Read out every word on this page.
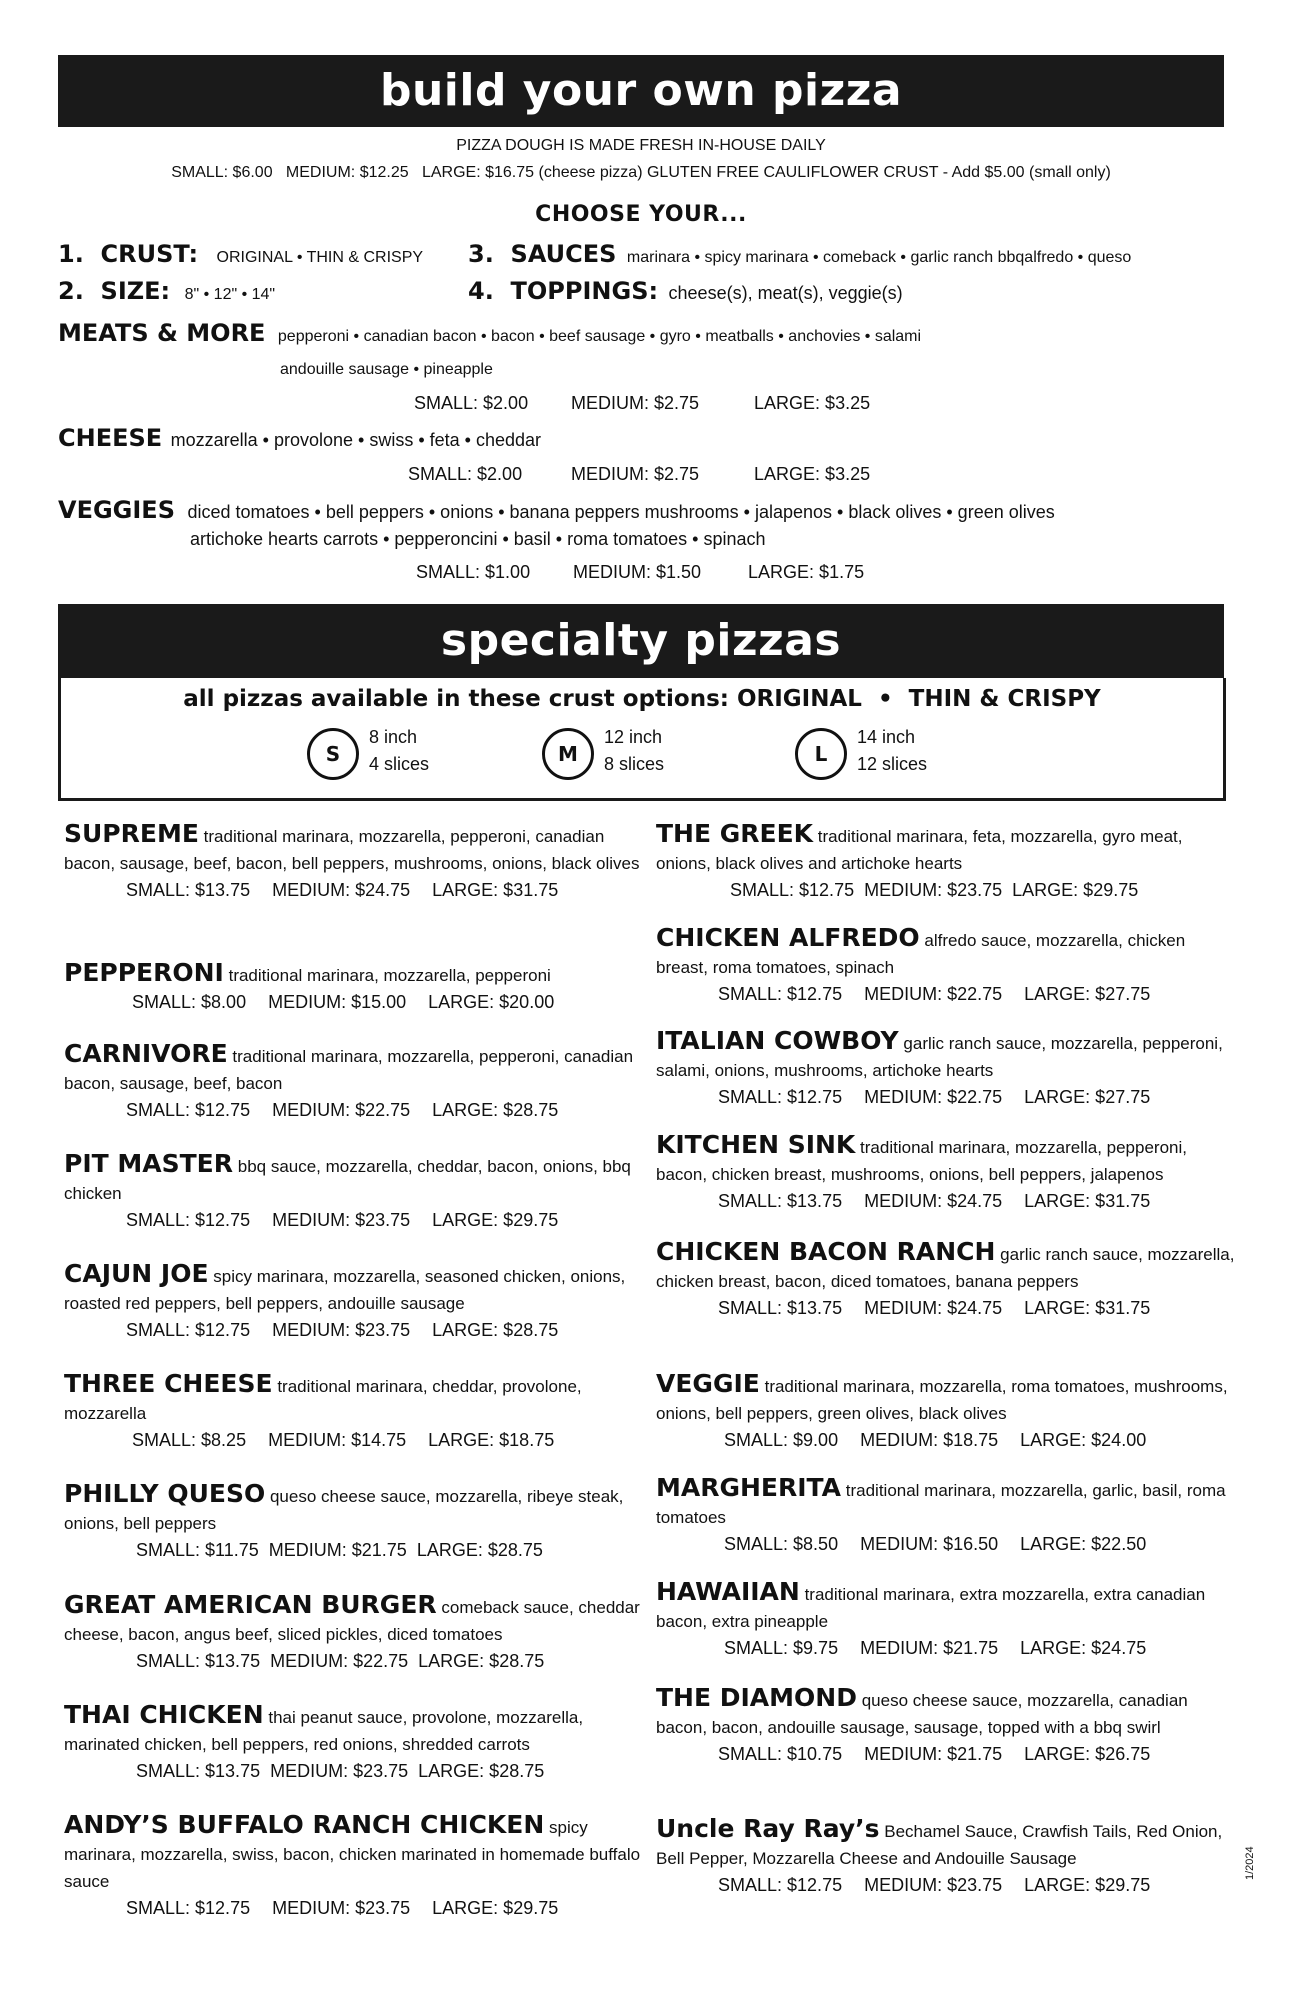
build your own pizza
PIZZA DOUGH IS MADE FRESH IN-HOUSE DAILY
SMALL: $6.00   MEDIUM: $12.25   LARGE: $16.75 (cheese pizza) GLUTEN FREE CAULIFLOWER CRUST - Add $5.00 (small only)
CHOOSE YOUR...
1.  CRUST: ORIGINAL • THIN & CRISPY 3.  SAUCES marinara • spicy marinara • comeback • garlic ranch bbqalfredo • queso
2.  SIZE: 8" • 12" • 14"	4.  TOPPINGS: cheese(s), meat(s), veggie(s)
MEATS & MORE pepperoni • canadian bacon • bacon • beef sausage • gyro • meatballs • anchovies • salami
andouille sausage • pineapple
SMALL: $2.00 MEDIUM: $2.75	LARGE: $3.25
CHEESE mozzarella • provolone • swiss • feta • cheddar
SMALL: $2.00	MEDIUM: $2.75	LARGE: $3.25
VEGGIES diced tomatoes • bell peppers • onions • banana peppers mushrooms • jalapenos • black olives • green olives
artichoke hearts carrots • pepperoncini • basil • roma tomatoes • spinach
SMALL: $1.00 MEDIUM: $1.50	LARGE: $1.75
specialty pizzas
all pizzas available in these crust options: ORIGINAL  •  THIN & CRISPY
S
8 inch
4 slices	M
12 inch
8 slices	L
14 inch
12 slices
SUPREME traditional marinara, mozzarella, pepperoni, canadian bacon, sausage, beef, bacon, bell peppers, mushrooms, onions, black olives
SMALL: $13.75 MEDIUM: $24.75 LARGE: $31.75
PEPPERONI traditional marinara, mozzarella, pepperoni
SMALL: $8.00 MEDIUM: $15.00 LARGE: $20.00
CARNIVORE traditional marinara, mozzarella, pepperoni, canadian bacon, sausage, beef, bacon
SMALL: $12.75 MEDIUM: $22.75 LARGE: $28.75
PIT MASTER bbq sauce, mozzarella, cheddar, bacon, onions, bbq chicken
SMALL: $12.75 MEDIUM: $23.75 LARGE: $29.75
CAJUN JOE spicy marinara, mozzarella, seasoned chicken, onions, roasted red peppers, bell peppers, andouille sausage
SMALL: $12.75 MEDIUM: $23.75 LARGE: $28.75
THREE CHEESE traditional marinara, cheddar, provolone, mozzarella
SMALL: $8.25 MEDIUM: $14.75 LARGE: $18.75
PHILLY QUESO queso cheese sauce, mozzarella, ribeye steak, onions, bell peppers
SMALL: $11.75 MEDIUM: $21.75 LARGE: $28.75
GREAT AMERICAN BURGER comeback sauce, cheddar cheese, bacon, angus beef, sliced pickles, diced tomatoes
SMALL: $13.75 MEDIUM: $22.75 LARGE: $28.75
THAI CHICKEN thai peanut sauce, provolone, mozzarella, marinated chicken, bell peppers, red onions, shredded carrots
SMALL: $13.75 MEDIUM: $23.75 LARGE: $28.75
ANDY’S BUFFALO RANCH CHICKEN spicy marinara, mozzarella, swiss, bacon, chicken marinated in homemade buffalo sauce
SMALL: $12.75 MEDIUM: $23.75 LARGE: $29.75
THE GREEK traditional marinara, feta, mozzarella, gyro meat, onions, black olives and artichoke hearts
SMALL: $12.75 MEDIUM: $23.75 LARGE: $29.75
CHICKEN ALFREDO alfredo sauce, mozzarella, chicken breast, roma tomatoes, spinach
SMALL: $12.75 MEDIUM: $22.75 LARGE: $27.75
ITALIAN COWBOY garlic ranch sauce, mozzarella, pepperoni, salami, onions, mushrooms, artichoke hearts
SMALL: $12.75 MEDIUM: $22.75 LARGE: $27.75
KITCHEN SINK traditional marinara, mozzarella, pepperoni, bacon, chicken breast, mushrooms, onions, bell peppers, jalapenos
SMALL: $13.75 MEDIUM: $24.75 LARGE: $31.75
CHICKEN BACON RANCH garlic ranch sauce, mozzarella, chicken breast, bacon, diced tomatoes, banana peppers
SMALL: $13.75 MEDIUM: $24.75 LARGE: $31.75
VEGGIE traditional marinara, mozzarella, roma tomatoes, mushrooms, onions, bell peppers, green olives, black olives
SMALL: $9.00 MEDIUM: $18.75 LARGE: $24.00
MARGHERITA traditional marinara, mozzarella, garlic, basil, roma tomatoes
SMALL: $8.50 MEDIUM: $16.50 LARGE: $22.50
HAWAIIAN traditional marinara, extra mozzarella, extra canadian bacon, extra pineapple
SMALL: $9.75 MEDIUM: $21.75 LARGE: $24.75
THE DIAMOND queso cheese sauce, mozzarella, canadian bacon, bacon, andouille sausage, sausage, topped with a bbq swirl
SMALL: $10.75 MEDIUM: $21.75 LARGE: $26.75
Uncle Ray Ray’s Bechamel Sauce, Crawfish Tails, Red Onion, Bell Pepper, Mozzarella Cheese and Andouille Sausage
SMALL: $12.75 MEDIUM: $23.75 LARGE: $29.75
1/2024
